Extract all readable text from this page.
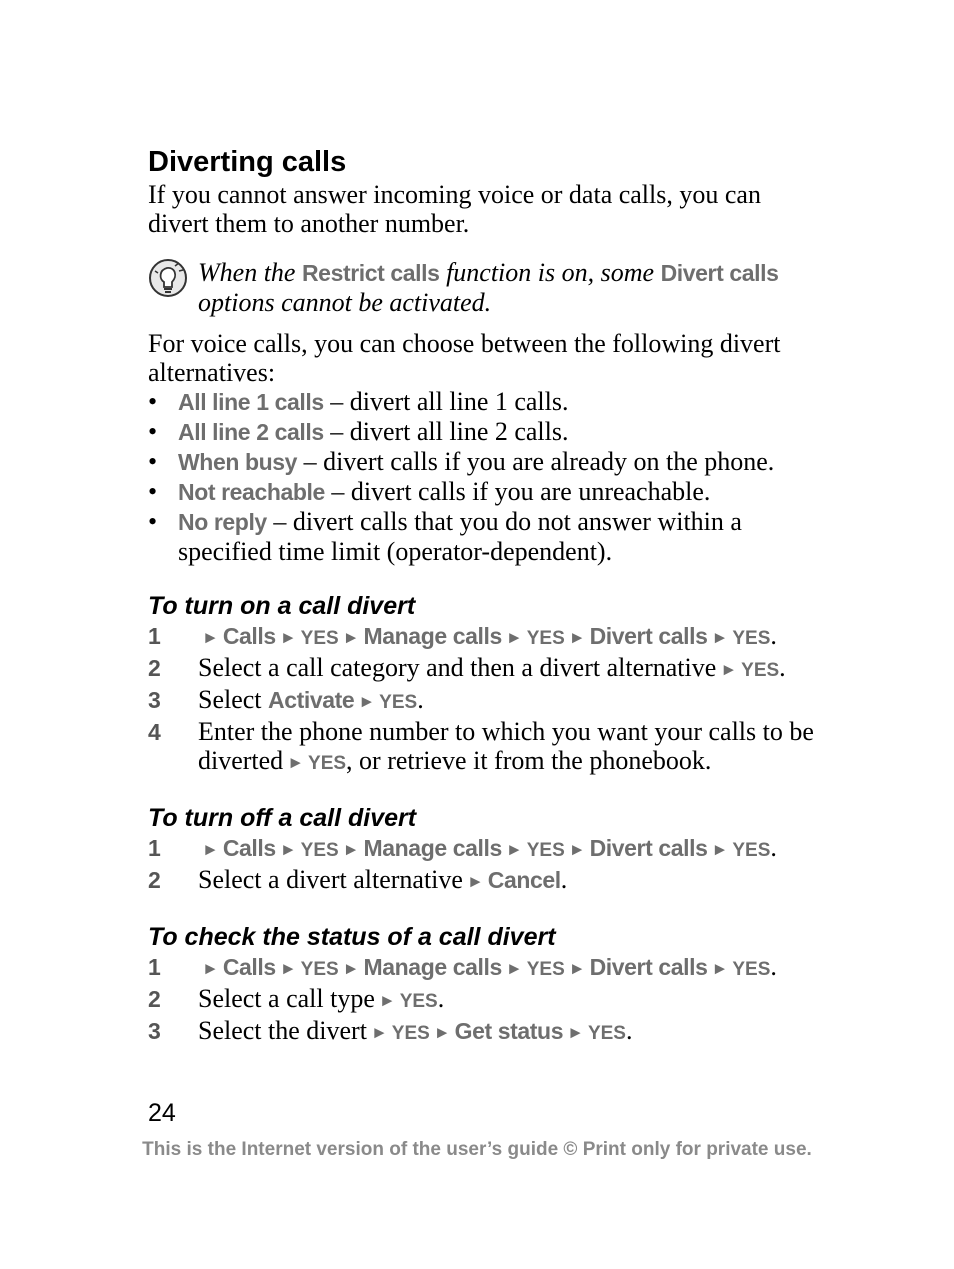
Diverting calls

If you cannot answer incoming voice or data calls, you can divert them to another number.

When the Restrict calls function is on, some Divert calls options cannot be activated.

For voice calls, you can choose between the following divert alternatives:

• All line 1 calls – divert all line 1 calls.
• All line 2 calls – divert all line 2 calls.
• When busy – divert calls if you are already on the phone.
• Not reachable – divert calls if you are unreachable.
• No reply – divert calls that you do not answer within a specified time limit (operator-dependent).
To turn on a call divert
1 ► Calls ► YES ► Manage calls ► YES ► Divert calls ► YES.
2 Select a call category and then a divert alternative ► YES.
3 Select Activate ► YES.
4 Enter the phone number to which you want your calls to be diverted ► YES, or retrieve it from the phonebook.
To turn off a call divert
1 ► Calls ► YES ► Manage calls ► YES ► Divert calls ► YES.
2 Select a divert alternative ► Cancel.
To check the status of a call divert
1 ► Calls ► YES ► Manage calls ► YES ► Divert calls ► YES.
2 Select a call type ► YES.
3 Select the divert ► YES ► Get status ► YES.
24
This is the Internet version of the user’s guide © Print only for private use.
